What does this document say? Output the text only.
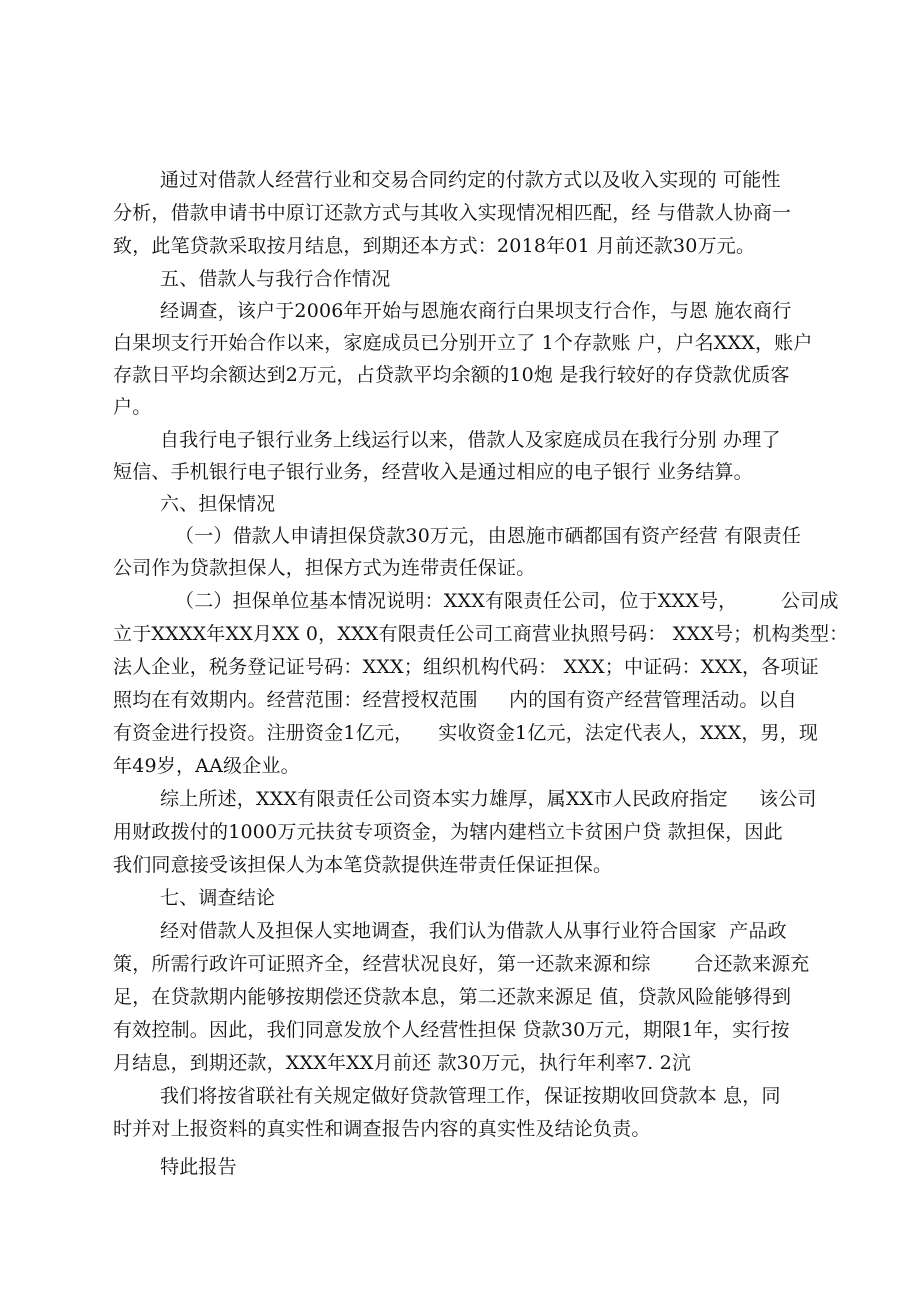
通过对借款人经营行业和交易合同约定的付款方式以及收入实现的 可能性
分析，借款申请书中原订还款方式与其收入实现情况相匹配，经 与借款人协商一
致，此笔贷款采取按月结息，到期还本方式：2018年01 月前还款30万元。
五、借款人与我行合作情况
经调查，该户于2006年开始与恩施农商行白果坝支行合作，与恩 施农商行
白果坝支行开始合作以来，家庭成员已分别开立了 1个存款账 户，户名XXX，账户
存款日平均余额达到2万元，占贷款平均余额的10炮 是我行较好的存贷款优质客
户。
自我行电子银行业务上线运行以来，借款人及家庭成员在我行分别 办理了
短信、手机银行电子银行业务，经营收入是通过相应的电子银行 业务结算。
六、担保情况
（一）借款人申请担保贷款30万元，由恩施市硒都国有资产经营 有限责任
公司作为贷款担保人，担保方式为连带责任保证。
（二）担保单位基本情况说明：XXX有限责任公司，位于XXX号，       公司成
立于XXXX年XX月XX 0，XXX有限责任公司工商营业执照号码： XXX号；机构类型：
法人企业，税务登记证号码：XXX；组织机构代码： XXX；中证码：XXX，各项证
照均在有效期内。经营范围：经营授权范围     内的国有资产经营管理活动。以自
有资金进行投资。注册资金1亿元，    实收资金1亿元，法定代表人，XXX，男，现
年49岁，AA级企业。
综上所述，XXX有限责任公司资本实力雄厚，属XX市人民政府指定     该公司
用财政拨付的1000万元扶贫专项资金，为辖内建档立卡贫困户贷 款担保，因此
我们同意接受该担保人为本笔贷款提供连带责任保证担保。
七、调查结论
经对借款人及担保人实地调查，我们认为借款人从事行业符合国家  产品政
策，所需行政许可证照齐全，经营状况良好，第一还款来源和综       合还款来源充
足，在贷款期内能够按期偿还贷款本息，第二还款来源足 值，贷款风险能够得到
有效控制。因此，我们同意发放个人经营性担保 贷款30万元，期限1年，实行按
月结息，到期还款，XXX年XX月前还 款30万元，执行年利率7. 2沆
我们将按省联社有关规定做好贷款管理工作，保证按期收回贷款本 息，同
时并对上报资料的真实性和调查报告内容的真实性及结论负责。
特此报告
